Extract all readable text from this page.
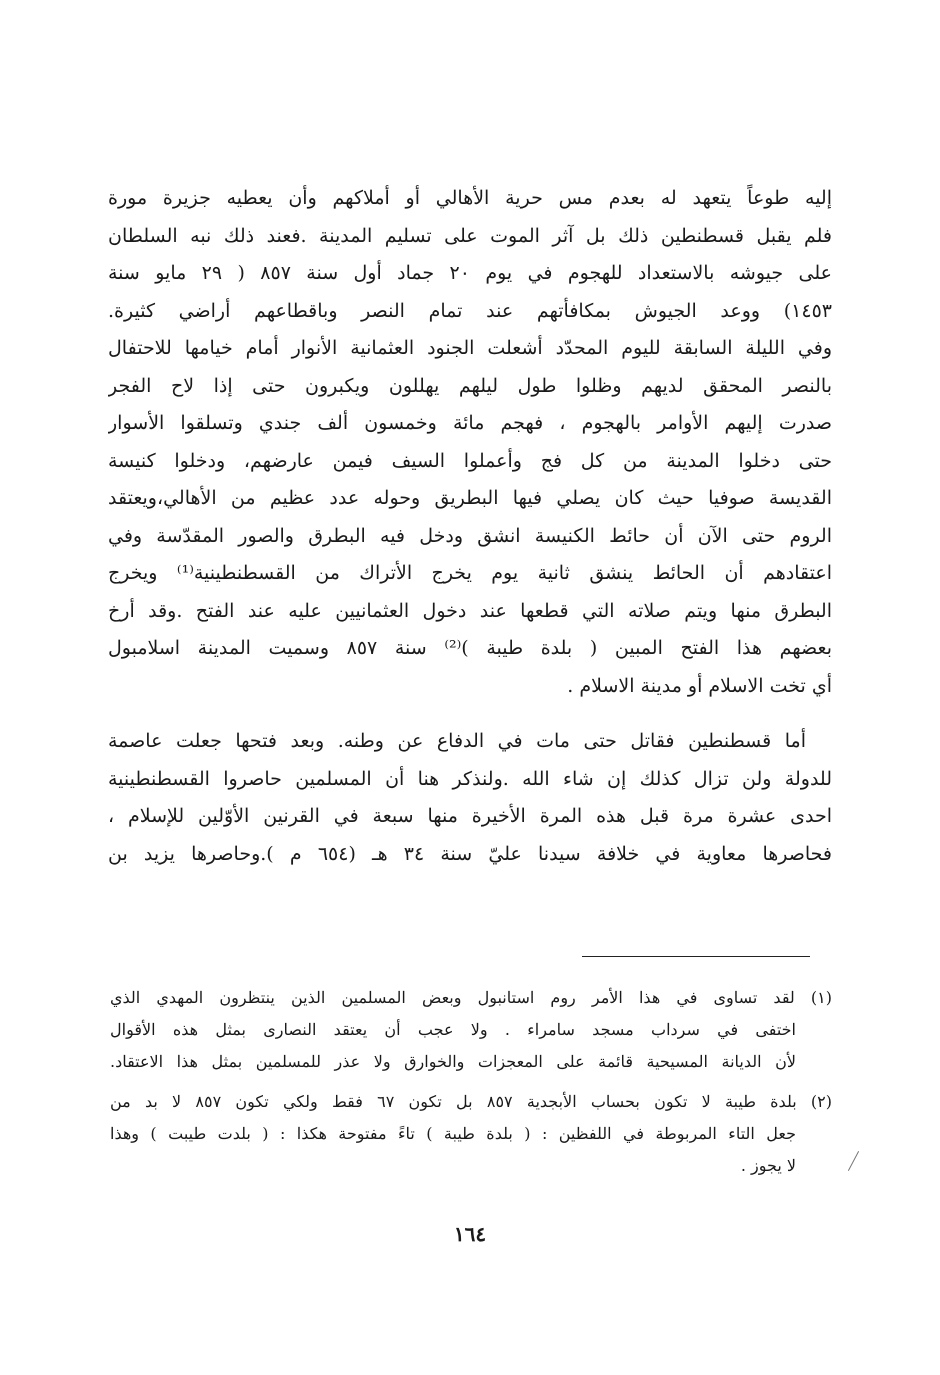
إليه طوعاً يتعهد له بعدم مس حرية الأهالي أو أملاكهم وأن يعطيه جزيرة مورة
فلم يقبل قسطنطين ذلك بل آثر الموت على تسليم المدينة .فعند ذلك نبه السلطان
على جيوشه بالاستعداد للهجوم في يوم ٢٠ جماد أول سنة ٨٥٧ ( ٢٩ مايو سنة
١٤٥٣) ووعد الجيوش بمكافأتهم عند تمام النصر وباقطاعهم أراضي كثيرة.
وفي الليلة السابقة لليوم المحدّد أشعلت الجنود العثمانية الأنوار أمام خيامها للاحتفال
بالنصر المحقق لديهم وظلوا طول ليلهم يهللون ويكبرون حتى إذا لاح الفجر
صدرت إليهم الأوامر بالهجوم ، فهجم مائة وخمسون ألف جندي وتسلقوا الأسوار
حتى دخلوا المدينة من كل فج وأعملوا السيف فيمن عارضهم، ودخلوا كنيسة
القديسة صوفيا حيث كان يصلي فيها البطريق وحوله عدد عظيم من الأهالي،ويعتقد
الروم حتى الآن أن حائط الكنيسة انشق ودخل فيه البطرق والصور المقدّسة وفي
اعتقادهم أن الحائط ينشق ثانية يوم يخرج الأتراك من القسطنطينية⁽¹⁾ ويخرج
البطرق منها ويتم صلاته التي قطعها عند دخول العثمانيين عليه عند الفتح .وقد أرخ
بعضهم هذا الفتح المبين ( بلدة طيبة )⁽²⁾ سنة ٨٥٧ وسميت المدينة اسلامبول
أي تخت الاسلام أو مدينة الاسلام .
أما قسطنطين فقاتل حتى مات في الدفاع عن وطنه. وبعد فتحها جعلت عاصمة
للدولة ولن تزال كذلك إن شاء الله .ولنذكر هنا أن المسلمين حاصروا القسطنطينية
احدى عشرة مرة قبل هذه المرة الأخيرة منها سبعة في القرنين الأوّلين للإسلام ،
فحاصرها معاوية في خلافة سيدنا عليّ سنة ٣٤ هـ (٦٥٤ م ).وحاصرها يزيد بن
(١) لقد تساوى في هذا الأمر روم استانبول وبعض المسلمين الذين ينتظرون المهدي الذي
اختفى في سرداب مسجد سامراء . ولا عجب أن يعتقد النصارى بمثل هذه الأقوال
لأن الديانة المسيحية قائمة على المعجزات والخوارق ولا عذر للمسلمين بمثل هذا الاعتقاد.
(٢) بلدة طيبة لا تكون بحساب الأبجدية ٨٥٧ بل تكون ٦٧ فقط ولكي تكون ٨٥٧ لا بد من
جعل التاء المربوطة في اللفظين : ( بلدة طيبة ) تاءً مفتوحة هكذا : ( بلدت طيبت ) وهذا
لا يجوز .
١٦٤
